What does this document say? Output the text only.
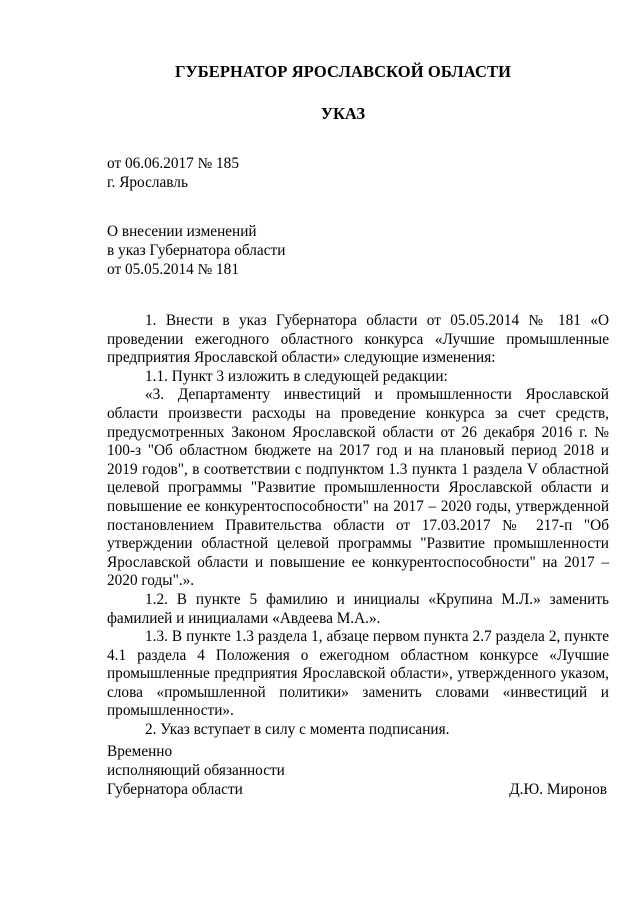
ГУБЕРНАТОР ЯРОСЛАВСКОЙ ОБЛАСТИ
УКАЗ
от 06.06.2017 № 185
г. Ярославль
О внесении изменений
в указ Губернатора области
от 05.05.2014 № 181

1. Внести в указ Губернатора области от 05.05.2014 № 181 «О проведении ежегодного областного конкурса «Лучшие промышленные предприятия Ярославской области» следующие изменения:

1.1. Пункт 3 изложить в следующей редакции:

«3. Департаменту инвестиций и промышленности Ярославской области произвести расходы на проведение конкурса за счет средств, предусмотренных Законом Ярославской области от 26 декабря 2016 г. № 100-з "Об областном бюджете на 2017 год и на плановый период 2018 и 2019 годов", в соответствии с подпунктом 1.3 пункта 1 раздела V областной целевой программы "Развитие промышленности Ярославской области и повышение ее конкурентоспособности" на 2017 – 2020 годы, утвержденной постановлением Правительства области от 17.03.2017 № 217-п "Об утверждении областной целевой программы "Развитие промышленности Ярославской области и повышение ее конкурентоспособности" на 2017 – 2020 годы".».

1.2. В пункте 5 фамилию и инициалы «Крупина М.Л.» заменить фамилией и инициалами «Авдеева М.А.».

1.3. В пункте 1.3 раздела 1, абзаце первом пункта 2.7 раздела 2, пункте 4.1 раздела 4 Положения о ежегодном областном конкурсе «Лучшие промышленные предприятия Ярославской области», утвержденного указом, слова «промышленной политики» заменить словами «инвестиций и промышленности».

2. Указ вступает в силу с момента подписания.

Временно
исполняющий обязанности
Губернатора области	Д.Ю. Миронов
